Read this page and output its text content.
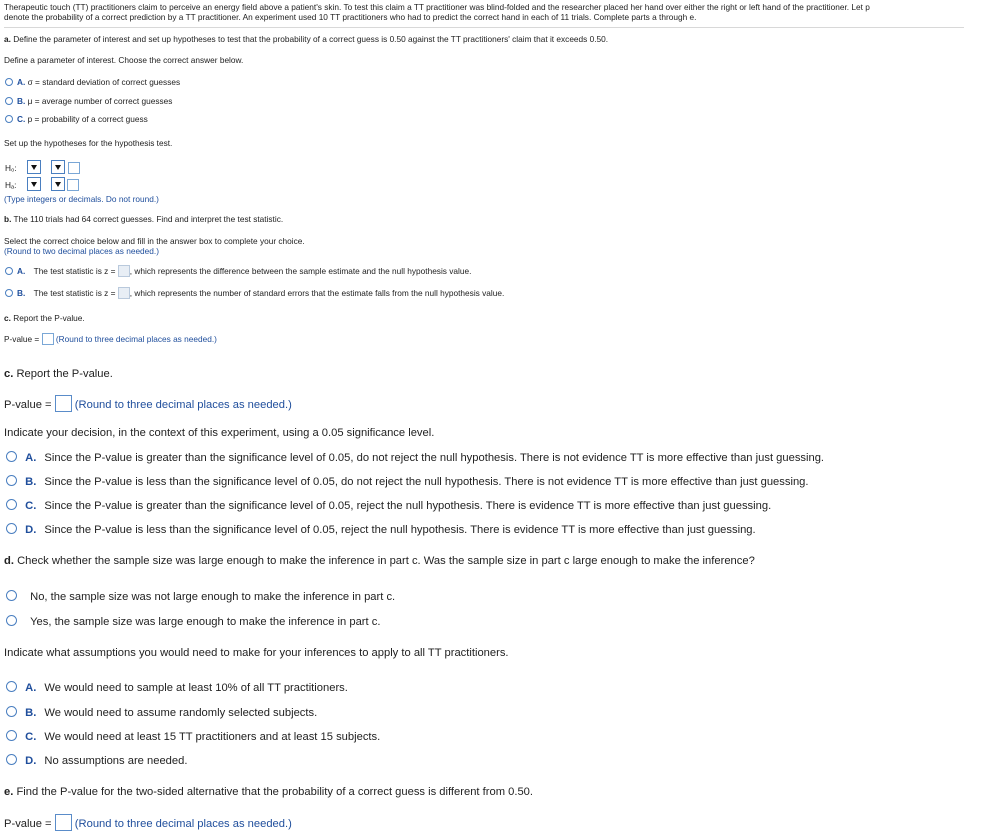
Therapeutic touch (TT) practitioners claim to perceive an energy field above a patient's skin. To test this claim a TT practitioner was blind-folded and the researcher placed her hand over either the right or left hand of the practitioner. Let p
denote the probability of a correct prediction by a TT practitioner. An experiment used 10 TT practitioners who had to predict the correct hand in each of 11 trials. Complete parts a through e.
a. Define the parameter of interest and set up hypotheses to test that the probability of a correct guess is 0.50 against the TT practitioners' claim that it exceeds 0.50.
Define a parameter of interest. Choose the correct answer below.
A. σ = standard deviation of correct guesses
B. μ = average number of correct guesses
C. p = probability of a correct guess
Set up the hypotheses for the hypothesis test.
H₀:
Hₐ:
(Type integers or decimals. Do not round.)
b. The 110 trials had 64 correct guesses. Find and interpret the test statistic.
Select the correct choice below and fill in the answer box to complete your choice.
(Round to two decimal places as needed.)
A. The test statistic is z = , which represents the difference between the sample estimate and the null hypothesis value.
B. The test statistic is z = , which represents the number of standard errors that the estimate falls from the null hypothesis value.
c. Report the P-value.
P-value = (Round to three decimal places as needed.)
c. Report the P-value.
P-value = (Round to three decimal places as needed.)
Indicate your decision, in the context of this experiment, using a 0.05 significance level.
A. Since the P-value is greater than the significance level of 0.05, do not reject the null hypothesis. There is not evidence TT is more effective than just guessing.
B. Since the P-value is less than the significance level of 0.05, do not reject the null hypothesis. There is not evidence TT is more effective than just guessing.
C. Since the P-value is greater than the significance level of 0.05, reject the null hypothesis. There is evidence TT is more effective than just guessing.
D. Since the P-value is less than the significance level of 0.05, reject the null hypothesis. There is evidence TT is more effective than just guessing.
d. Check whether the sample size was large enough to make the inference in part c. Was the sample size in part c large enough to make the inference?
No, the sample size was not large enough to make the inference in part c.
Yes, the sample size was large enough to make the inference in part c.
Indicate what assumptions you would need to make for your inferences to apply to all TT practitioners.
A. We would need to sample at least 10% of all TT practitioners.
B. We would need to assume randomly selected subjects.
C. We would need at least 15 TT practitioners and at least 15 subjects.
D. No assumptions are needed.
e. Find the P-value for the two-sided alternative that the probability of a correct guess is different from 0.50.
P-value = (Round to three decimal places as needed.)
